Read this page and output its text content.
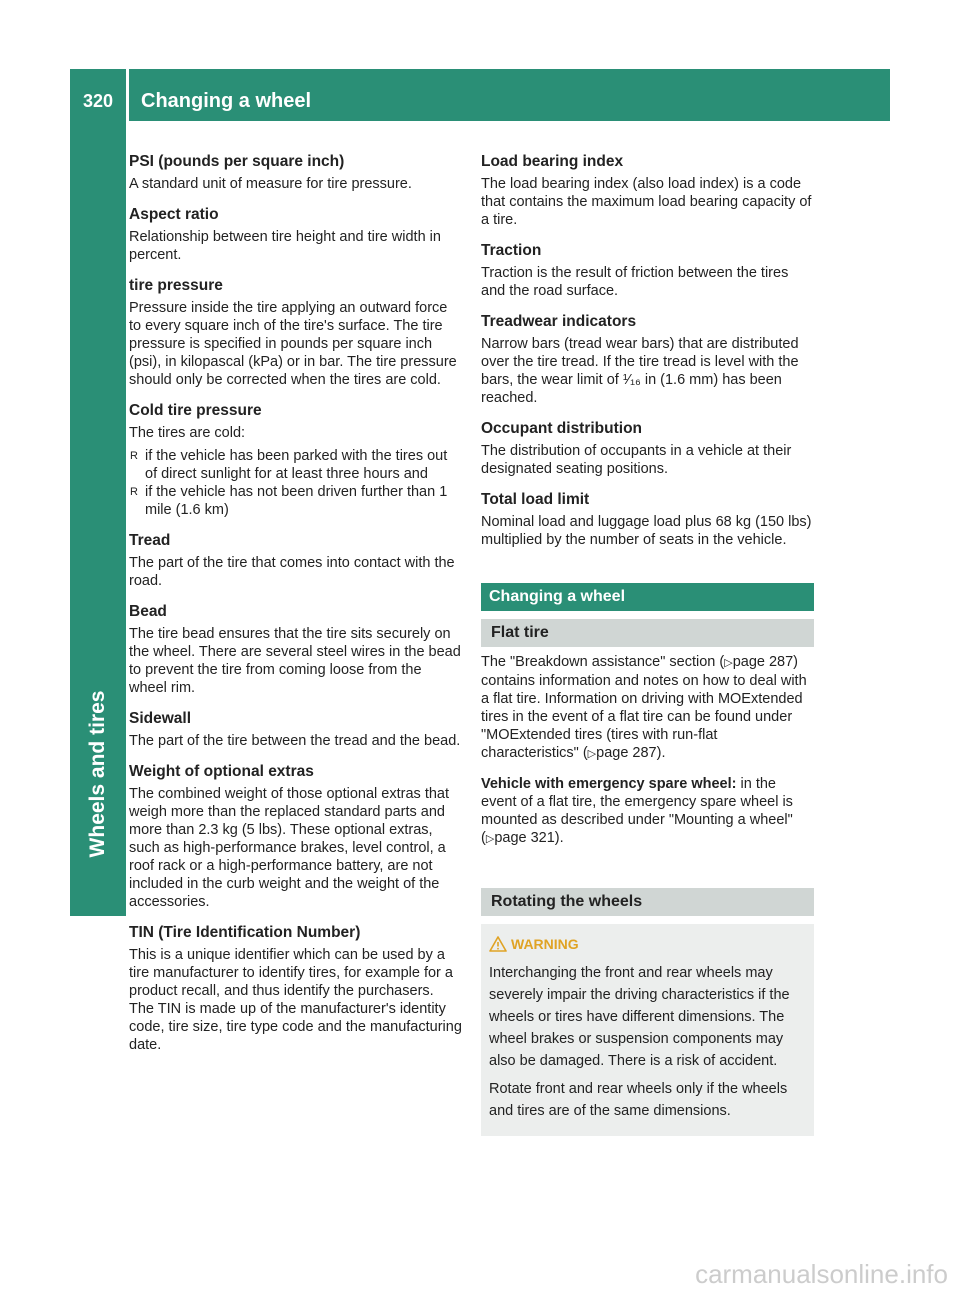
320	Changing a wheel
Wheels and tires
PSI (pounds per square inch)

A standard unit of measure for tire pressure.

Aspect ratio

Relationship between tire height and tire width in percent.

tire pressure

Pressure inside the tire applying an outward force to every square inch of the tire's surface. The tire pressure is specified in pounds per square inch (psi), in kilopascal (kPa) or in bar. The tire pressure should only be corrected when the tires are cold.

Cold tire pressure

The tires are cold:

R if the vehicle has been parked with the tires out of direct sunlight for at least three hours and
R if the vehicle has not been driven further than 1 mile (1.6 km)
Tread

The part of the tire that comes into contact with the road.

Bead

The tire bead ensures that the tire sits securely on the wheel. There are several steel wires in the bead to prevent the tire from coming loose from the wheel rim.

Sidewall

The part of the tire between the tread and the bead.

Weight of optional extras

The combined weight of those optional extras that weigh more than the replaced standard parts and more than 2.3 kg (5 lbs). These optional extras, such as high-performance brakes, level control, a roof rack or a high-performance battery, are not included in the curb weight and the weight of the accessories.

TIN (Tire Identification Number)

This is a unique identifier which can be used by a tire manufacturer to identify tires, for example for a product recall, and thus identify the purchasers. The TIN is made up of the manufacturer's identity code, tire size, tire type code and the manufacturing date.

Load bearing index

The load bearing index (also load index) is a code that contains the maximum load bearing capacity of a tire.

Traction

Traction is the result of friction between the tires and the road surface.

Treadwear indicators

Narrow bars (tread wear bars) that are distributed over the tire tread. If the tire tread is level with the bars, the wear limit of ¹⁄₁₆ in (1.6 mm) has been reached.

Occupant distribution

The distribution of occupants in a vehicle at their designated seating positions.

Total load limit

Nominal load and luggage load plus 68 kg (150 lbs) multiplied by the number of seats in the vehicle.

Changing a wheel
Flat tire

The "Breakdown assistance" section (▷page 287) contains information and notes on how to deal with a flat tire. Information on driving with MOExtended tires in the event of a flat tire can be found under "MOExtended tires (tires with run-flat characteristics" (▷page 287).

Vehicle with emergency spare wheel: in the event of a flat tire, the emergency spare wheel is mounted as described under "Mounting a wheel" (▷page 321).

Rotating the wheels
WARNING

Interchanging the front and rear wheels may severely impair the driving characteristics if the wheels or tires have different dimensions. The wheel brakes or suspension components may also be damaged. There is a risk of accident.

Rotate front and rear wheels only if the wheels and tires are of the same dimensions.

carmanualsonline.info
